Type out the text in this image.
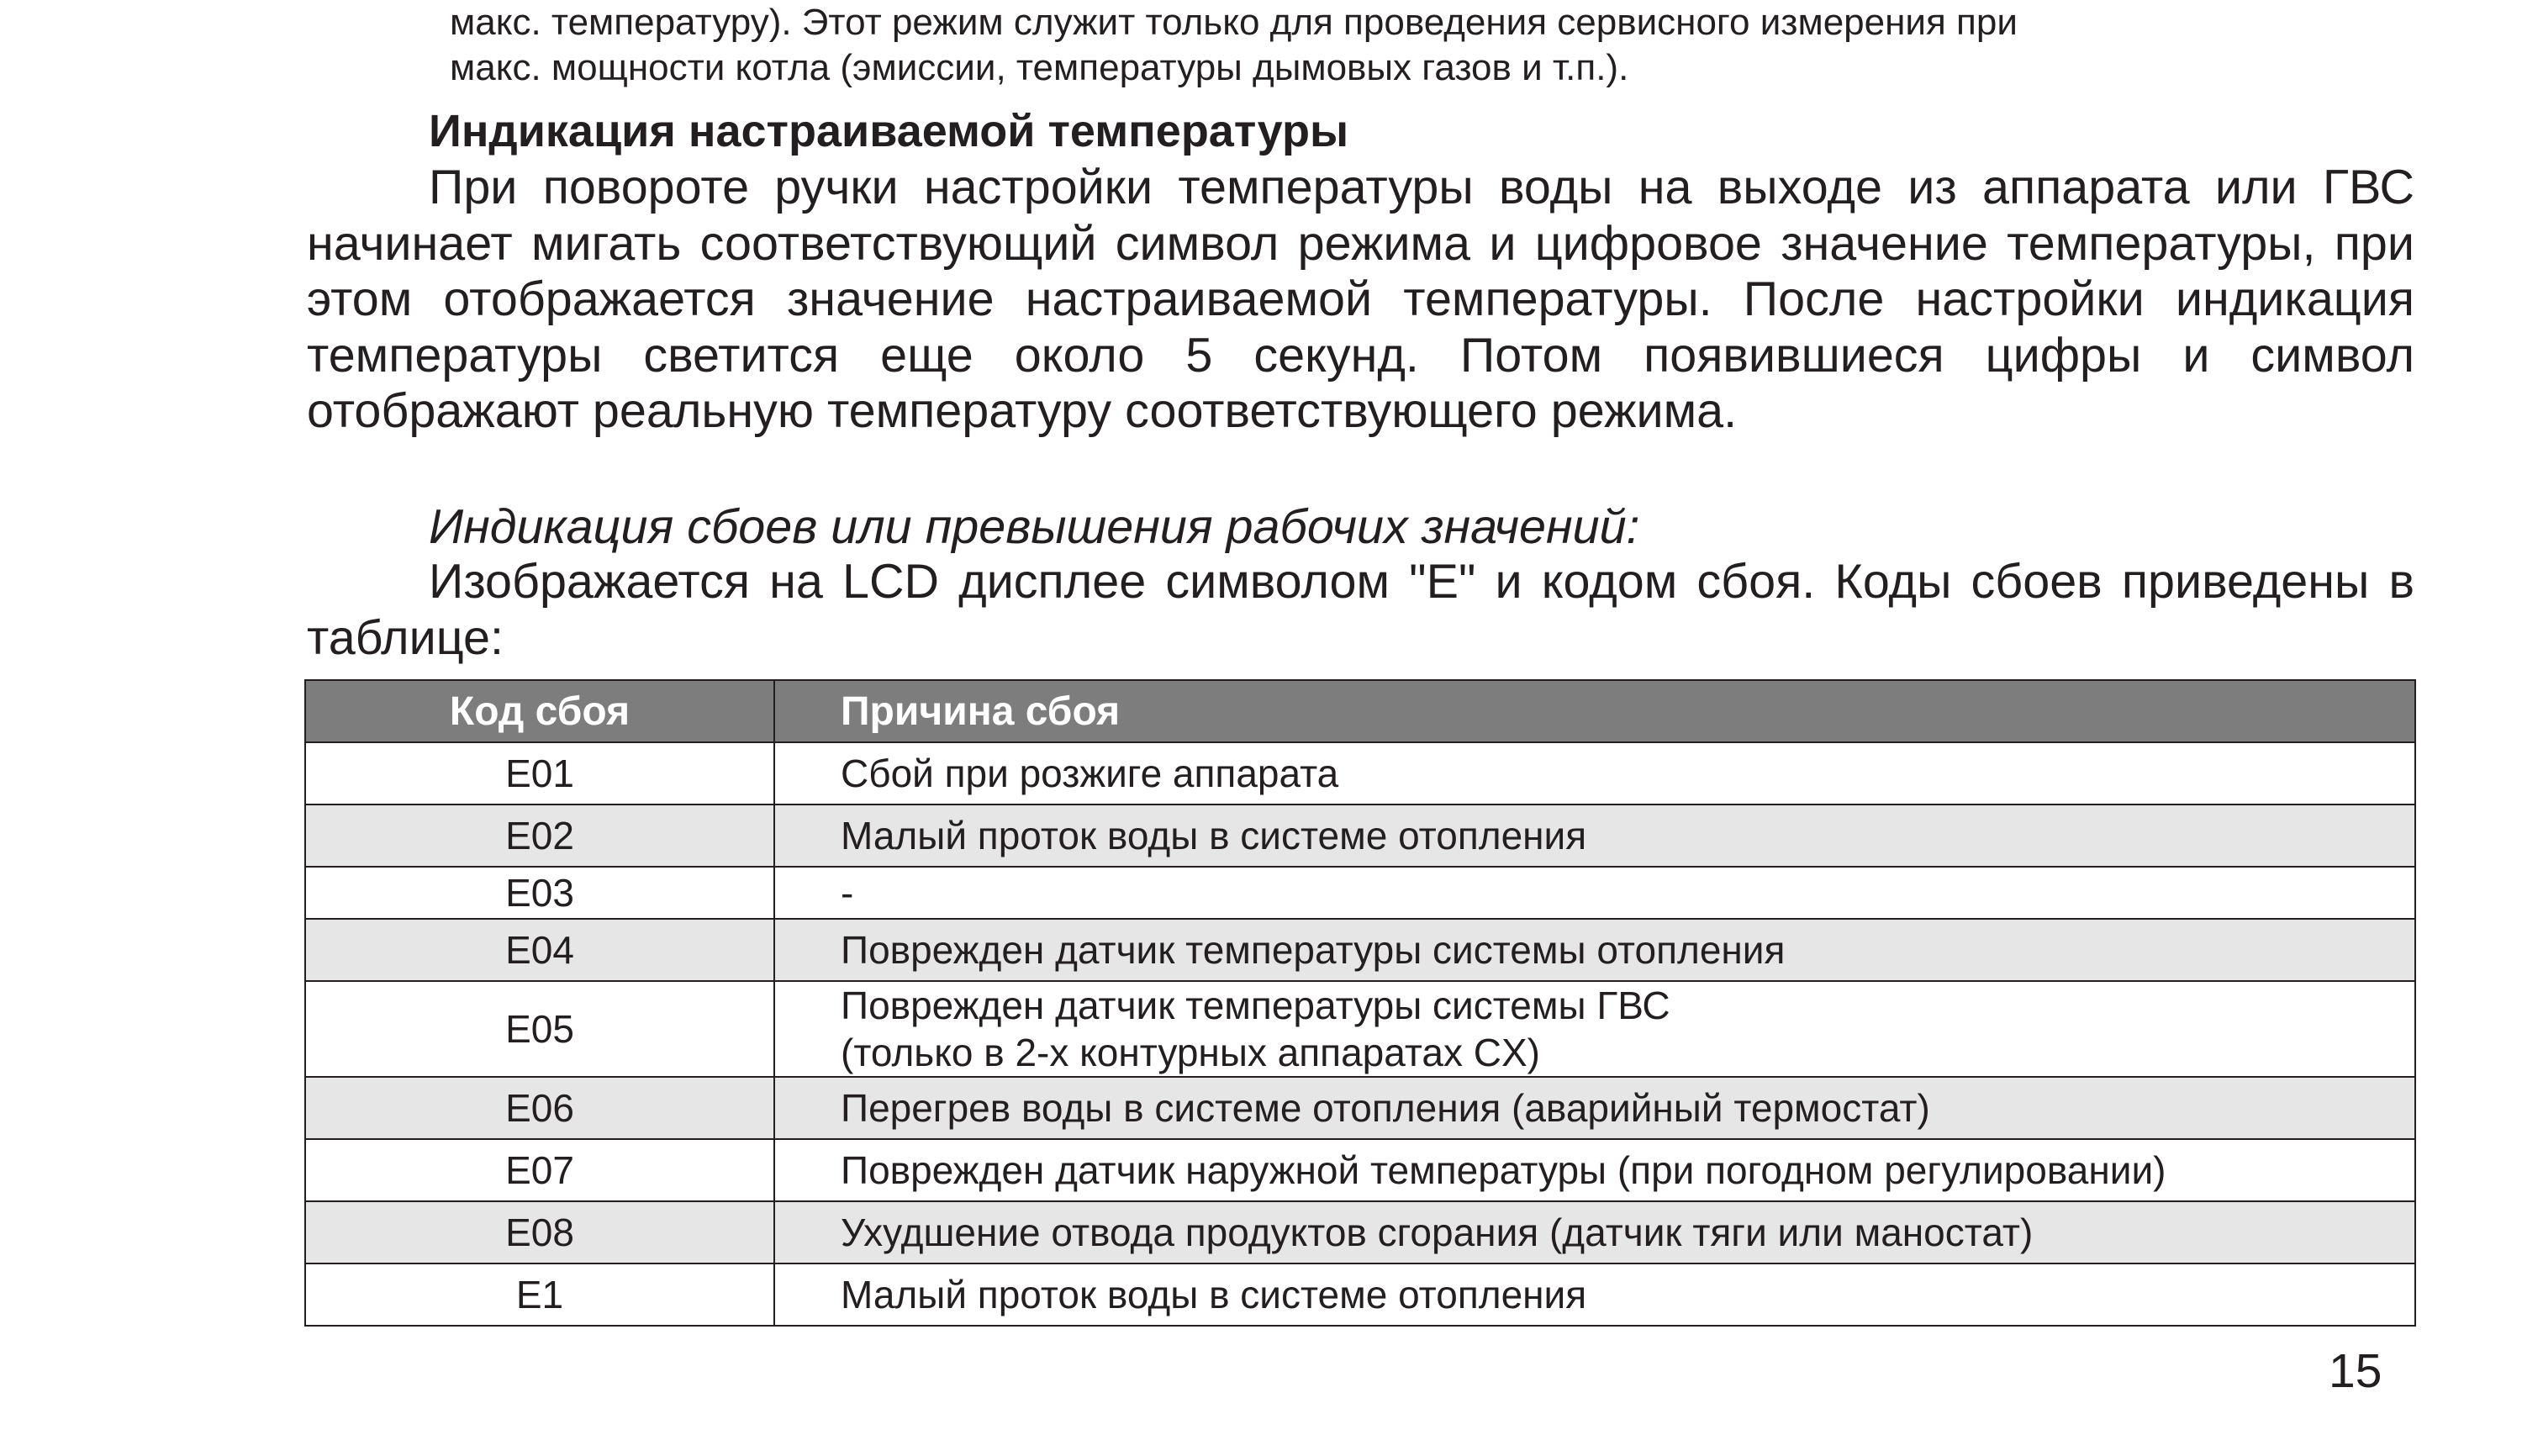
макс. температуру). Этот режим служит только для проведения сервисного измерения при
макс. мощности котла (эмиссии, температуры дымовых газов и т.п.).
Индикация настраиваемой температуры
При повороте ручки настройки температуры воды на выходе из аппарата или ГВС начинает мигать соответствующий символ режима и цифровое значение температуры, при этом отображается значение настраиваемой температуры. После настройки индикация температуры светится еще около 5 секунд. Потом появившиеся цифры и символ отображают реальную температуру соответствующего режима.
Индикация сбоев или превышения рабочих значений:
Изображается на LCD дисплее символом "E" и кодом сбоя. Коды сбоев приведены в таблице:
Код сбоя	Причина сбоя
E01	Сбой при розжиге аппарата
E02	Малый проток воды в системе отопления
E03	-
E04	Поврежден датчик температуры системы отопления
E05	Поврежден датчик температуры системы ГВС
(только в 2-х контурных аппаратах CX)

E06	Перегрев воды в системе отопления (аварийный термостат)
E07	Поврежден датчик наружной температуры (при погодном регулировании)
E08	Ухудшение отвода продуктов сгорания (датчик тяги или маностат)
E1	Малый проток воды в системе отопления
15
